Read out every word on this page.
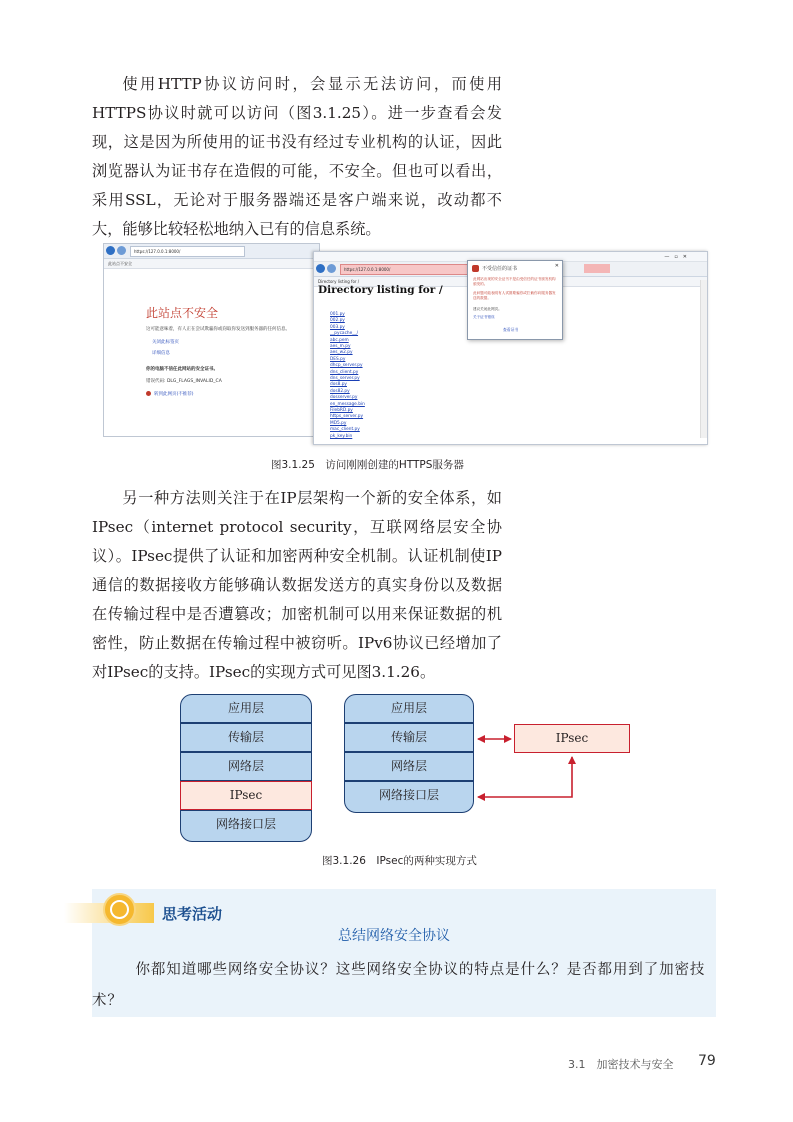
使用HTTP协议访问时，会显示无法访问，而使用HTTPS协议时就可以访问（图3.1.25）。进一步查看会发现，这是因为所使用的证书没有经过专业机构的认证，因此浏览器认为证书存在造假的可能，不安全。但也可以看出，采用SSL，无论对于服务器端还是客户端来说，改动都不大，能够比较轻松地纳入已有的信息系统。

https://127.0.0.1:8000/
此站点不安全
此站点不安全
这可能意味着，有人正在尝试欺骗你或窃取你发送到服务器的任何信息。
关闭此标签页
详细信息
你的电脑不信任此网站的安全证书。
错误代码: DLG_FLAGS_INVALID_CA
转到此网页(不推荐)
—　▫　✕
https://127.0.0.1:8000/
Directory listing for /
Directory listing for /
001.py
002.py
003.py
__pycache__/
abc.pem
aes_m.py
aes_w2.py
DES.py
dhcp_server.py
dns_client.py
dns_server.py
dos8.py
dos82.py
dosserver.py
en_message.bin
FilebRD.py
https_server.py
MD5.py
mac_client.py
pk_key.bin
不受信任的证书	✕
此网站出现的安全证书不是由受信任的证书颁发机构颁发的。
此问题可能表明有人试图欺骗你或拦截你向服务器发送的数据。
建议关闭此网页。
关于证书错误
查看证书
图3.1.25　访问刚刚创建的HTTPS服务器

另一种方法则关注于在IP层架构一个新的安全体系，如IPsec（internet protocol security，互联网络层安全协议）。IPsec提供了认证和加密两种安全机制。认证机制使IP通信的数据接收方能够确认数据发送方的真实身份以及数据在传输过程中是否遭篡改；加密机制可以用来保证数据的机密性，防止数据在传输过程中被窃听。IPv6协议已经增加了对IPsec的支持。IPsec的实现方式可见图3.1.26。

应用层
传输层
网络层
IPsec
网络接口层
应用层
传输层
网络层
网络接口层
IPsec
图3.1.26　IPsec的两种实现方式
思考活动
总结网络安全协议

你都知道哪些网络安全协议？这些网络安全协议的特点是什么？是否都用到了加密技术？

3.1　加密技术与安全 79
